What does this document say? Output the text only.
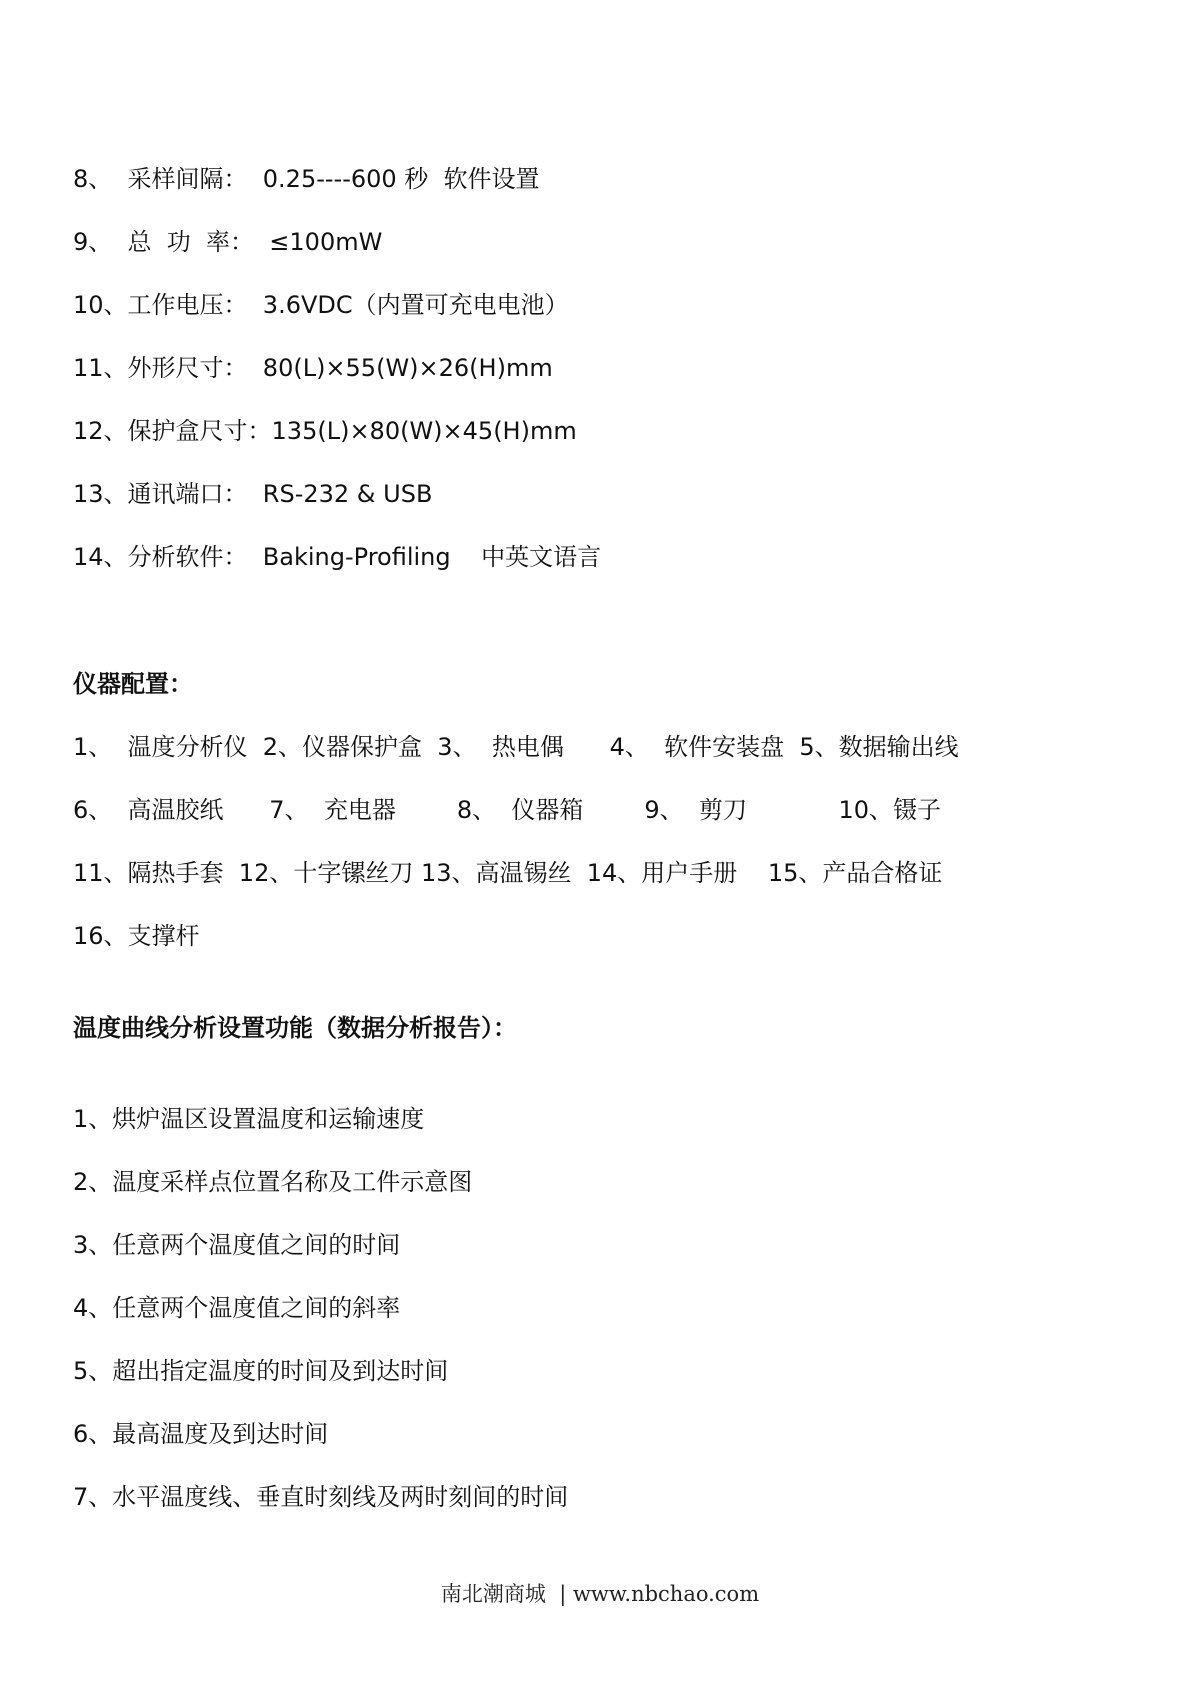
8、  采样间隔：  0.25----600 秒  软件设置
9、  总  功  率：  ≤100mW
10、工作电压：  3.6VDC（内置可充电电池）
11、外形尺寸：  80(L)×55(W)×26(H)mm
12、保护盒尺寸：135(L)×80(W)×45(H)mm
13、通讯端口：  RS-232 & USB
14、分析软件：  Baking-Profiling    中英文语言
仪器配置：
1、  温度分析仪  2、仪器保护盒  3、  热电偶      4、  软件安装盘  5、数据输出线
6、  高温胶纸      7、  充电器        8、  仪器箱        9、  剪刀            10、镊子
11、隔热手套  12、十字镙丝刀 13、高温锡丝  14、用户手册    15、产品合格证
16、支撑杆
温度曲线分析设置功能（数据分析报告）：
1、烘炉温区设置温度和运输速度
2、温度采样点位置名称及工件示意图
3、任意两个温度值之间的时间
4、任意两个温度值之间的斜率
5、超出指定温度的时间及到达时间
6、最高温度及到达时间
7、水平温度线、垂直时刻线及两时刻间的时间
南北潮商城  | www.nbchao.com
